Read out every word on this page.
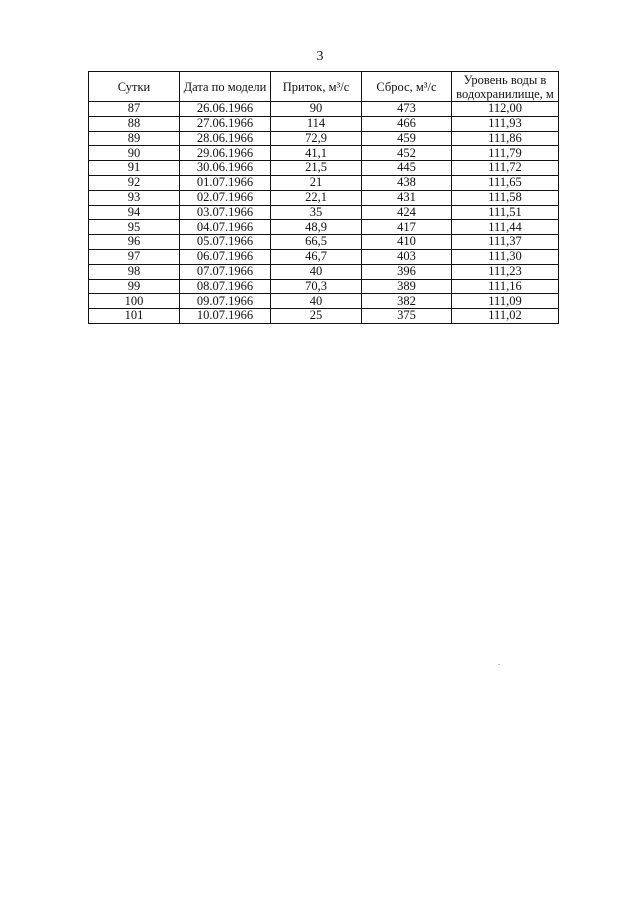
3
Сутки	Дата по модели	Приток, м³/с	Сброс, м³/с	Уровень воды в водохранилище, м
87	26.06.1966	90	473	112,00
88	27.06.1966	114	466	111,93
89	28.06.1966	72,9	459	111,86
90	29.06.1966	41,1	452	111,79
91	30.06.1966	21,5	445	111,72
92	01.07.1966	21	438	111,65
93	02.07.1966	22,1	431	111,58
94	03.07.1966	35	424	111,51
95	04.07.1966	48,9	417	111,44
96	05.07.1966	66,5	410	111,37
97	06.07.1966	46,7	403	111,30
98	07.07.1966	40	396	111,23
99	08.07.1966	70,3	389	111,16
100	09.07.1966	40	382	111,09
101	10.07.1966	25	375	111,02
